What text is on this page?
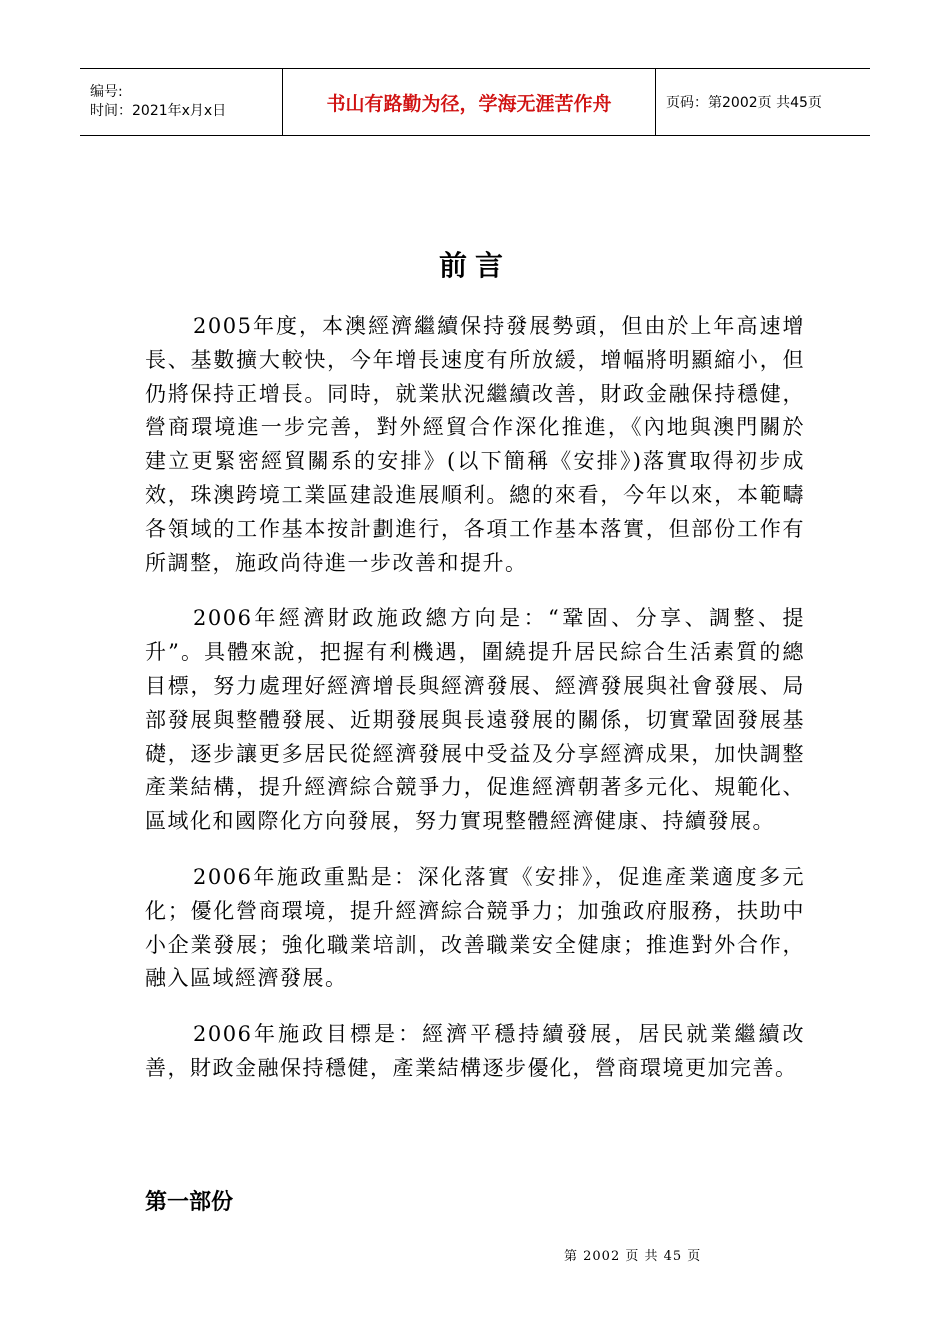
编号:
时间：2021年x月x日	书山有路勤为径，学海无涯苦作舟	页码：第2002页 共45页
前言

2005年度，本澳經濟繼續保持發展勢頭，但由於上年高速增長、基數擴大較快，今年增長速度有所放緩，增幅將明顯縮小，但仍將保持正增長。同時，就業狀況繼續改善，財政金融保持穩健，營商環境進一步完善，對外經貿合作深化推進，《內地與澳門關於建立更緊密經貿關系的安排》(以下簡稱《安排》)落實取得初步成效，珠澳跨境工業區建設進展順利。總的來看，今年以來，本範疇各領域的工作基本按計劃進行，各項工作基本落實，但部份工作有所調整，施政尚待進一步改善和提升。

2006年經濟財政施政總方向是：“鞏固、分享、調整、提升”。具體來說，把握有利機遇，圍繞提升居民綜合生活素質的總目標，努力處理好經濟增長與經濟發展、經濟發展與社會發展、局部發展與整體發展、近期發展與長遠發展的關係，切實鞏固發展基礎，逐步讓更多居民從經濟發展中受益及分享經濟成果，加快調整產業結構，提升經濟綜合競爭力，促進經濟朝著多元化、規範化、區域化和國際化方向發展，努力實現整體經濟健康、持續發展。

2006年施政重點是：深化落實《安排》，促進產業適度多元化；優化營商環境，提升經濟綜合競爭力；加強政府服務，扶助中小企業發展；強化職業培訓，改善職業安全健康；推進對外合作，融入區域經濟發展。

2006年施政目標是：經濟平穩持續發展，居民就業繼續改善，財政金融保持穩健，產業結構逐步優化，營商環境更加完善。

第一部份
第 2002 页 共 45 页
